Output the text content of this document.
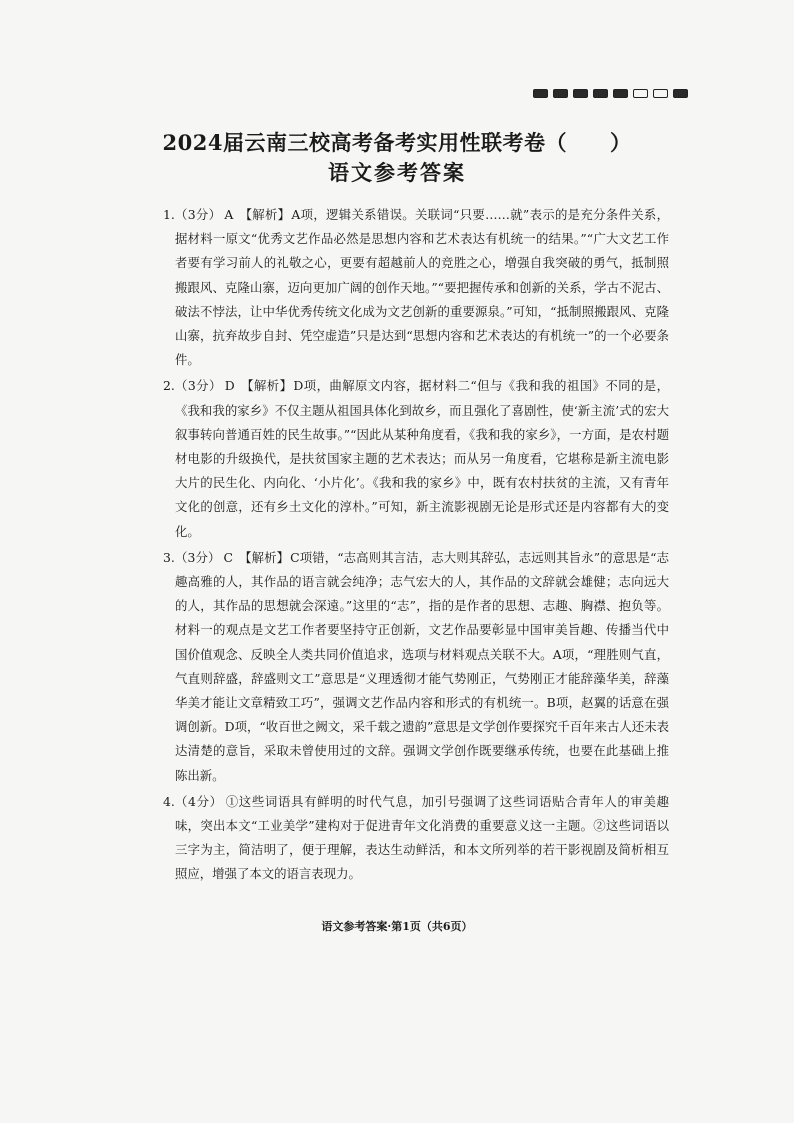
2024届云南三校高考备考实用性联考卷（　　）
语文参考答案
1. （3分） A 【解析】A项，逻辑关系错误。关联词“只要……就”表示的是充分条件关系，据材料一原文“优秀文艺作品必然是思想内容和艺术表达有机统一的结果。”“广大文艺工作者要有学习前人的礼敬之心，更要有超越前人的竞胜之心，增强自我突破的勇气，抵制照搬跟风、克隆山寨，迈向更加广阔的创作天地。”“要把握传承和创新的关系，学古不泥古、破法不悖法，让中华优秀传统文化成为文艺创新的重要源泉。”可知，“抵制照搬跟风、克隆山寨，抗弃故步自封、凭空虚造”只是达到“思想内容和艺术表达的有机统一”的一个必要条件。

2. （3分） D 【解析】D项，曲解原文内容，据材料二“但与《我和我的祖国》不同的是，《我和我的家乡》不仅主题从祖国具体化到故乡，而且强化了喜剧性，使‘新主流’式的宏大叙事转向普通百姓的民生故事。”“因此从某种角度看，《我和我的家乡》，一方面，是农村题材电影的升级换代，是扶贫国家主题的艺术表达；而从另一角度看，它堪称是新主流电影大片的民生化、内向化、‘小片化’。《我和我的家乡》中，既有农村扶贫的主流，又有青年文化的创意，还有乡土文化的淳朴。”可知，新主流影视剧无论是形式还是内容都有大的变化。

3. （3分） C 【解析】C项错，“志高则其言洁，志大则其辞弘，志远则其旨永”的意思是“志趣高雅的人，其作品的语言就会纯净；志气宏大的人，其作品的文辞就会雄健；志向远大的人，其作品的思想就会深遠。”这里的“志”，指的是作者的思想、志趣、胸襟、抱负等。材料一的观点是文艺工作者要坚持守正创新，文艺作品要彰显中国审美旨趣、传播当代中国价值观念、反映全人类共同价值追求，选项与材料观点关联不大。A项，“理胜则气直，气直则辞盛，辞盛则文工”意思是“义理透彻才能气势刚正，气势刚正才能辞藻华美，辞藻华美才能让文章精致工巧”，强调文艺作品内容和形式的有机统一。B项，赵翼的话意在强调创新。D项，“收百世之阙文，采千载之遗韵”意思是文学创作要探究千百年来古人还未表达清楚的意旨，采取未曾使用过的文辞。强调文学创作既要继承传统，也要在此基础上推陈出新。

4. （4分） ①这些词语具有鲜明的时代气息，加引号强调了这些词语贴合青年人的审美趣味，突出本文“工业美学”建构对于促进青年文化消费的重要意义这一主题。②这些词语以三字为主，简洁明了，便于理解，表达生动鲜活，和本文所列举的若干影视剧及简析相互照应，增强了本文的语言表现力。

语文参考答案·第1页（共6页）
